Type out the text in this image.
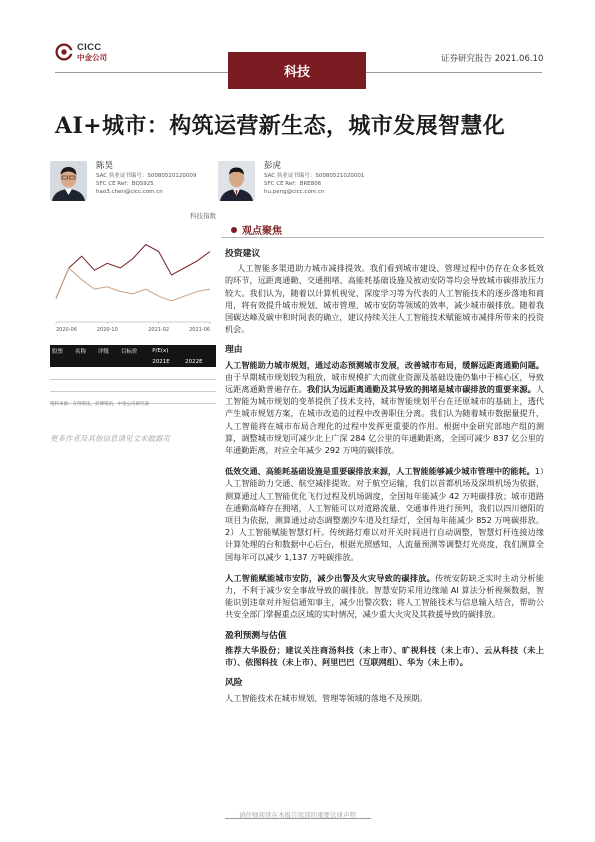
CICC
中金公司
科技
证券研究报告 2021.06.10
AI+城市：构筑运营新生态，城市发展智慧化
陈昊
SAC 执业证书编号：S0080520120009
SFC CE Ref：BQS925
hao3.chen@cicc.com.cn
彭虎
SAC 执业证书编号：S0080521020001
SFC CE Ref：BRE806
hu.peng@cicc.com.cn
科技指数
2020-06	2020-10	2021-02	2021-06
股票	名称	评级	目标价	P/E(x)	
				2021E	2022E

资料来源：万得资讯，彭博资讯，中金公司研究部
更多作者及其他信息请见文末披露页
观点聚焦
投资建议

人工智能多渠道助力城市减排提效。我们看到城市建设、管理过程中仍存在众多低效的环节，远距离通勤、交通拥堵、高能耗基础设施及被动安防等均会导致城市碳排放压力较大。我们认为，随着以计算机视觉、深度学习等为代表的人工智能技术的逐步落地和商用，将有效提升城市规划、城市管理、城市安防等领域的效率，减少城市碳排放。随着我国碳达峰及碳中和时间表的确立，建议持续关注人工智能技术赋能城市减排所带来的投资机会。

理由

人工智能助力城市规划，通过动态预测城市发展，改善城市布局，缓解远距离通勤问题。由于早期城市规划较为粗放，城市规模扩大而就业资源及基础设施仍集中于核心区，导致远距离通勤普遍存在。我们认为远距离通勤及其导致的拥堵是城市碳排放的重要来源。人工智能为城市规划的变革提供了技术支持，城市智能规划平台在还原城市的基础上，透代产生城市规划方案，在城市改造的过程中改善职住分离。我们认为随着城市数据量提升，人工智能将在城市布局合理化的过程中发挥更重要的作用。根据中金研究部地产组的测算，调整城市规划可减少北上广深 284 亿公里的年通勤距离，全国可减少 837 亿公里的年通勤距离，对应全年减少 292 万吨的碳排放。

低效交通、高能耗基础设施是重要碳排放来源，人工智能能够减少城市管理中的能耗。1）人工智能助力交通、航空减排提效。对于航空运输，我们以首都机场及深圳机场为依据，测算通过人工智能优化飞行过程及机场调度，全国每年能减少 42 万吨碳排放；城市道路在通勤高峰存在拥堵，人工智能可以对道路流量、交通事件进行预判，我们以四川德阳的项目为依据，测算通过动态调整潮汐车道及红绿灯，全国每年能减少 852 万吨碳排放。2）人工智能赋能智慧灯杆。传统路灯难以对开关时间进行自动调整，智慧灯杆连接边缘计算处理的台和数据中心后台，根据光照感知、人流量预测等调整灯光亮度，我们测算全国每年可以减少 1,137 万吨碳排放。

人工智能赋能城市安防，减少出警及火灾导致的碳排放。传统安防缺乏实时主动分析能力，不利于减少安全事故导致的碳排放。智慧安防采用边缘端 AI 算法分析视频数据，智能识别违章对并短信通知事主，减少出警次数；将人工智能技术与信息输入结合，帮助公共安全部门掌握重点区域的实时情况，减少重大火灾及其救援导致的碳排放。

盈利预测与估值

推荐大华股份；建议关注商汤科技（未上市）、旷视科技（未上市）、云从科技（未上市）、依图科技（未上市）、阿里巴巴（互联网组）、华为（未上市）。

风险

人工智能技术在城市规划、管理等领域的落地不及预期。

请仔细阅读在本报告尾部的重要法律声明
